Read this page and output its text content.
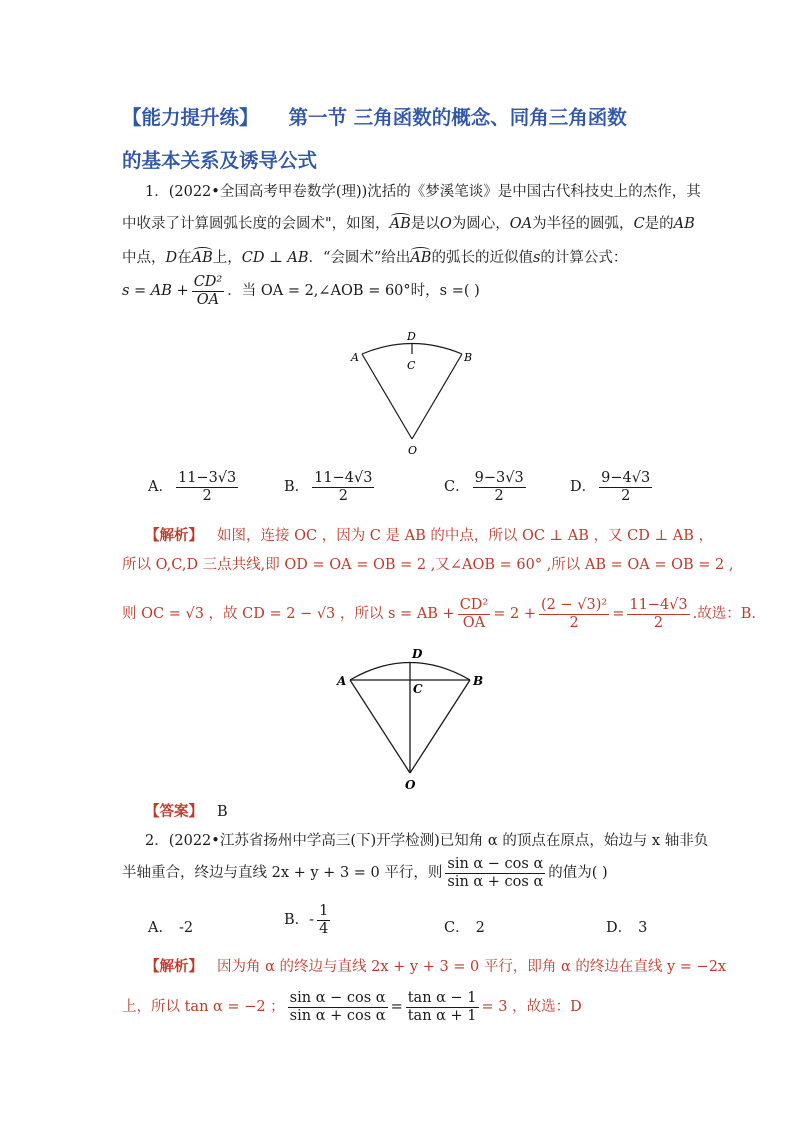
【能力提升练】 第一节 三角函数的概念、同角三角函数
的基本关系及诱导公式
1．(2022•全国高考甲卷数学(理))沈括的《梦溪笔谈》是中国古代科技史上的杰作，其
中收录了计算圆弧长度的会圆术"，如图，AB是以O为圆心，OA为半径的圆弧，C是的AB
中点，D在AB上，CD ⊥ AB．“会圆术”给出AB的弧长的近似值s的计算公式：
s = AB + $\frac{\text{CD²}}{OA}$ ．当 OA = 2,∠AOB = 60°时，s =( )
A	B
C
D
O
A． $\frac{11-3√3}{2}$	B． $\frac{11-4√3}{2}$	C． $\frac{9-3√3}{2}$	D． $\frac{9-4√3}{2}$
【解析】 如图，连接 OC ，因为 C 是 AB 的中点，所以 OC ⊥ AB ，又 CD ⊥ AB ，
所以 O,C,D 三点共线,即 OD = OA = OB = 2 ,又∠AOB = 60° ,所以 AB = OA = OB = 2 ,
则 OC = √3 ，故 CD = 2 − √3 ，所以 s = AB + $\frac{\text{CD²}}{OA} = 2 + \frac{\text{(2 − √3)²}}{2} = \frac{11-4√3}{2}$ .故选：B.
A	B
C
D
O
【答案】 B
2．(2022•江苏省扬州中学高三(下)开学检测)已知角 α 的顶点在原点，始边与 x 轴非负
半轴重合，终边与直线 2x + y + 3 = 0 平行，则 $\frac{\text{sin α − cos α}}{\text{sin α + cos α}}$ 的值为( )
A． -2	B．- $\frac{1}{4}$	C． 2	D． 3
【解析】 因为角 α 的终边与直线 2x + y + 3 = 0 平行，即角 α 的终边在直线 y = −2x
上，所以 tan α = −2 ； $\frac{\text{sin α − cos α}}{\text{sin α + cos α}} = \frac{\text{tan α − 1}}{\text{tan α + 1}} = 3$ ，故选：D
